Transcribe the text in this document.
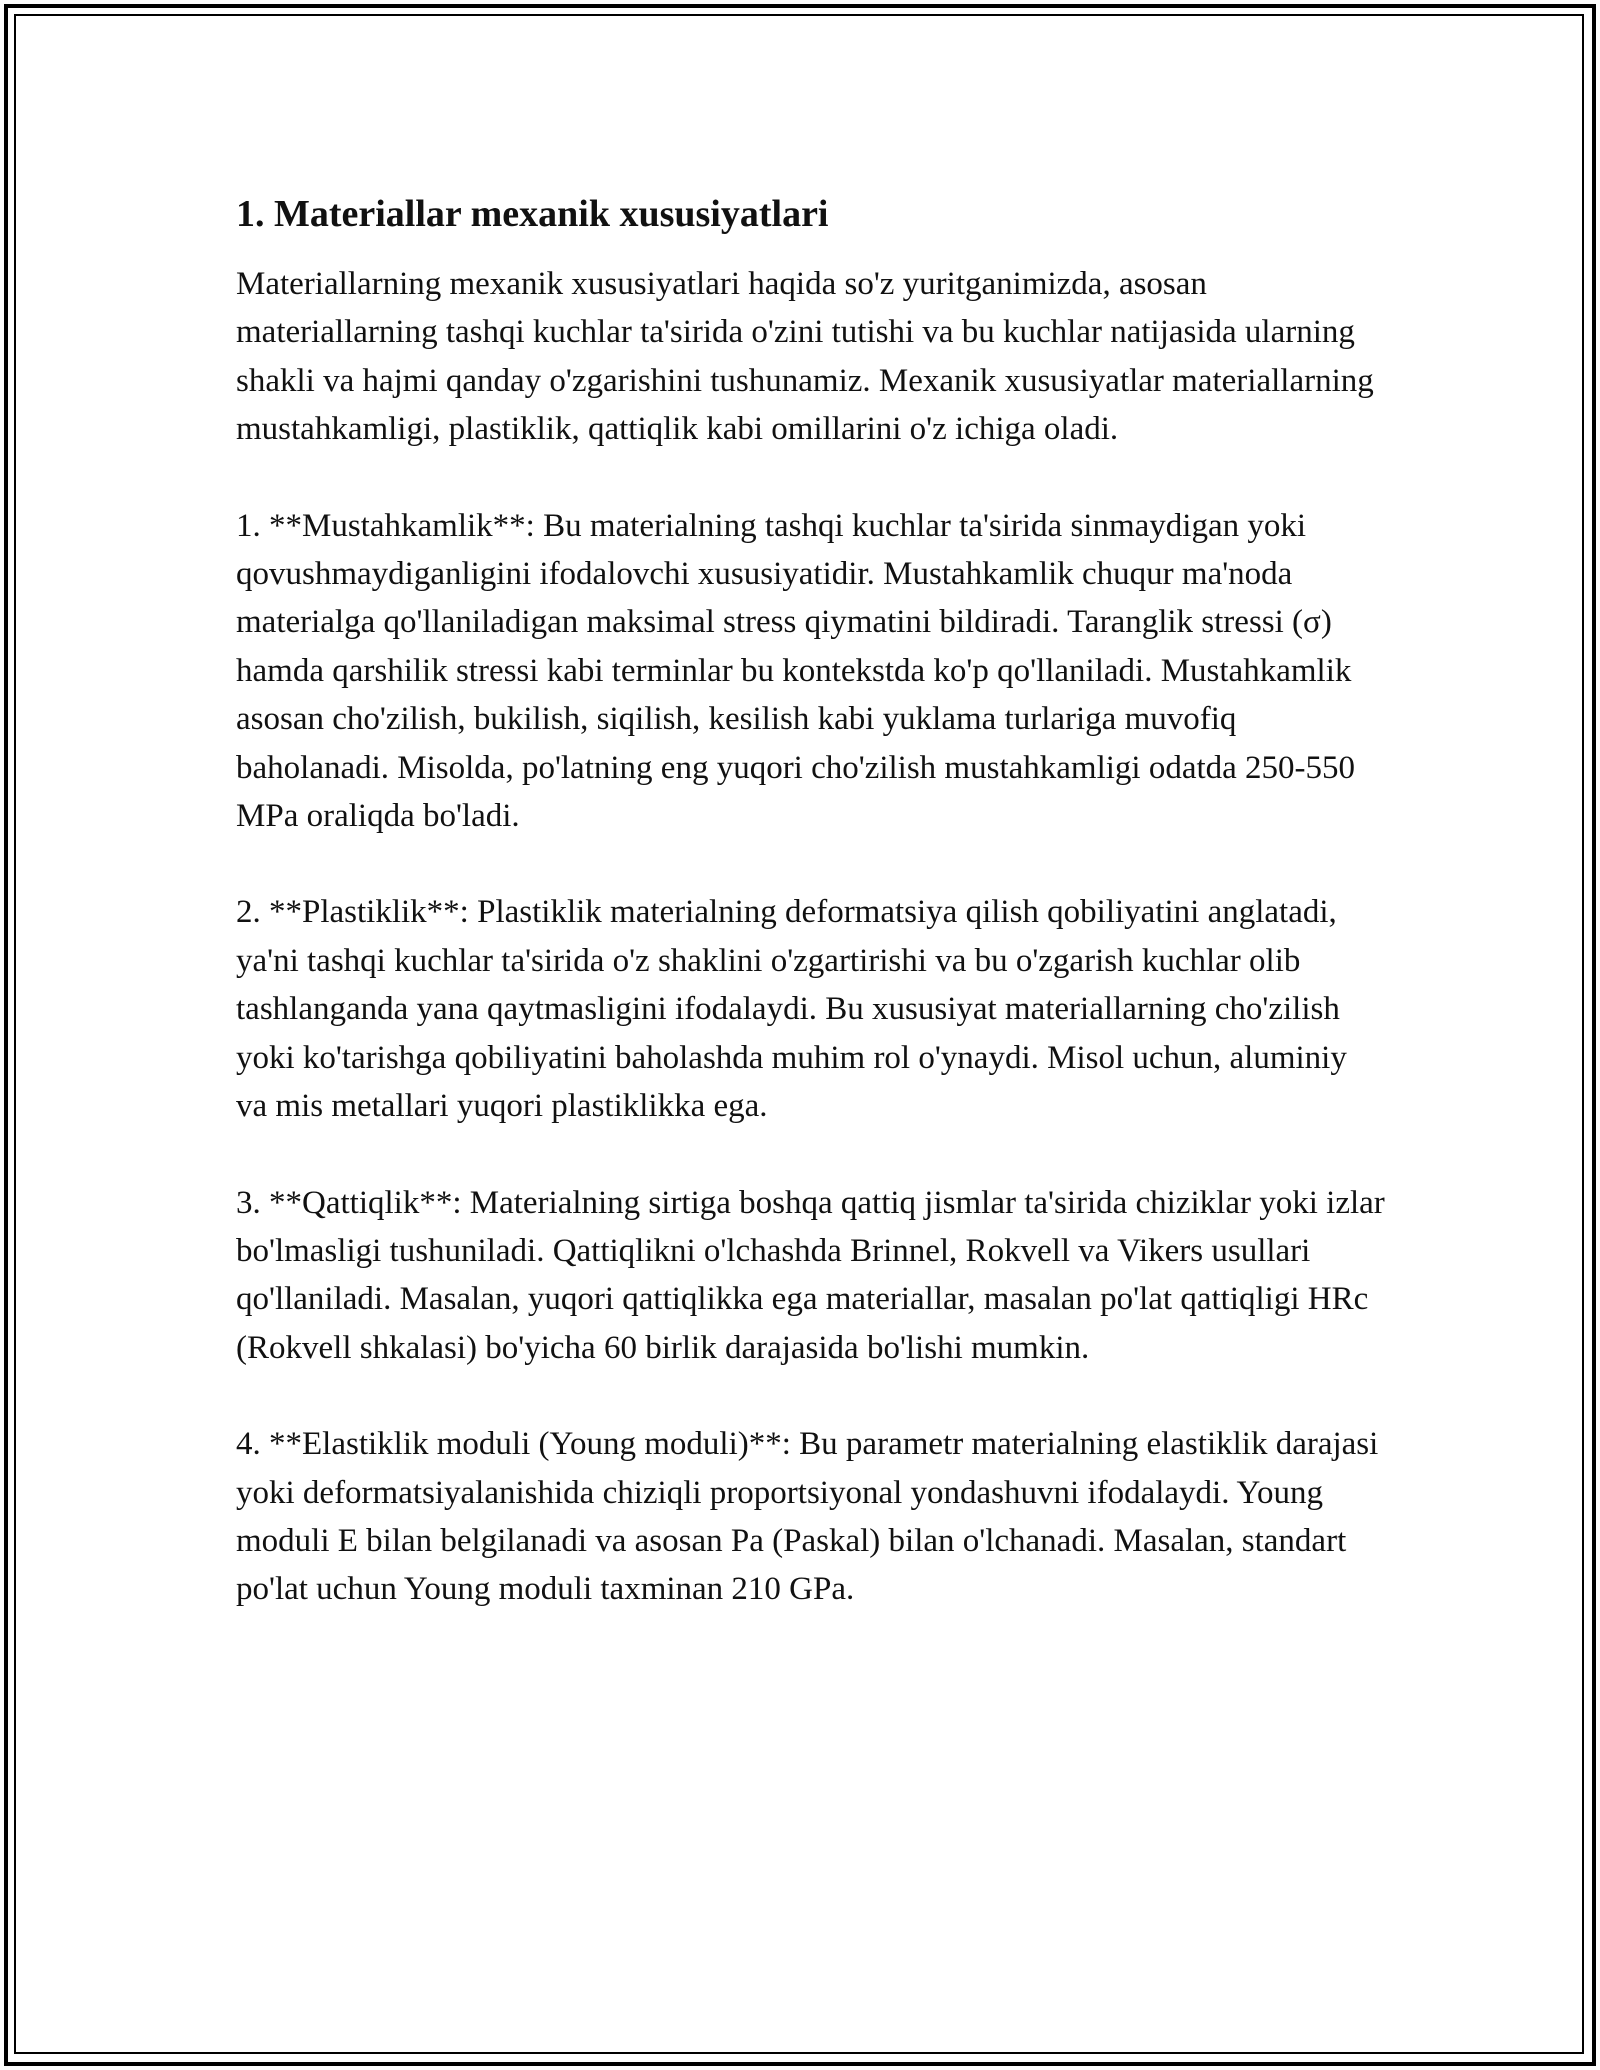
1. Materiallar mexanik xususiyatlari

Materiallarning mexanik xususiyatlari haqida so'z yuritganimizda, asosan materiallarning tashqi kuchlar ta'sirida o'zini tutishi va bu kuchlar natijasida ularning shakli va hajmi qanday o'zgarishini tushunamiz. Mexanik xususiyatlar materiallarning mustahkamligi, plastiklik, qattiqlik kabi omillarini o'z ichiga oladi.

1. **Mustahkamlik**: Bu materialning tashqi kuchlar ta'sirida sinmaydigan yoki qovushmaydiganligini ifodalovchi xususiyatidir. Mustahkamlik chuqur ma'noda materialga qo'llaniladigan maksimal stress qiymatini bildiradi. Taranglik stressi (σ) hamda qarshilik stressi kabi terminlar bu kontekstda ko'p qo'llaniladi. Mustahkamlik asosan cho'zilish, bukilish, siqilish, kesilish kabi yuklama turlariga muvofiq baholanadi. Misolda, po'latning eng yuqori cho'zilish mustahkamligi odatda 250-550 MPa oraliqda bo'ladi.

2. **Plastiklik**: Plastiklik materialning deformatsiya qilish qobiliyatini anglatadi, ya'ni tashqi kuchlar ta'sirida o'z shaklini o'zgartirishi va bu o'zgarish kuchlar olib tashlanganda yana qaytmasligini ifodalaydi. Bu xususiyat materiallarning cho'zilish yoki ko'tarishga qobiliyatini baholashda muhim rol o'ynaydi. Misol uchun, aluminiy va mis metallari yuqori plastiklikka ega.

3. **Qattiqlik**: Materialning sirtiga boshqa qattiq jismlar ta'sirida chiziklar yoki izlar bo'lmasligi tushuniladi. Qattiqlikni o'lchashda Brinnel, Rokvell va Vikers usullari qo'llaniladi. Masalan, yuqori qattiqlikka ega materiallar, masalan po'lat qattiqligi HRc (Rokvell shkalasi) bo'yicha 60 birlik darajasida bo'lishi mumkin.

4. **Elastiklik moduli (Young moduli)**: Bu parametr materialning elastiklik darajasi yoki deformatsiyalanishida chiziqli proportsiyonal yondashuvni ifodalaydi. Young moduli E bilan belgilanadi va asosan Pa (Paskal) bilan o'lchanadi. Masalan, standart po'lat uchun Young moduli taxminan 210 GPa.
